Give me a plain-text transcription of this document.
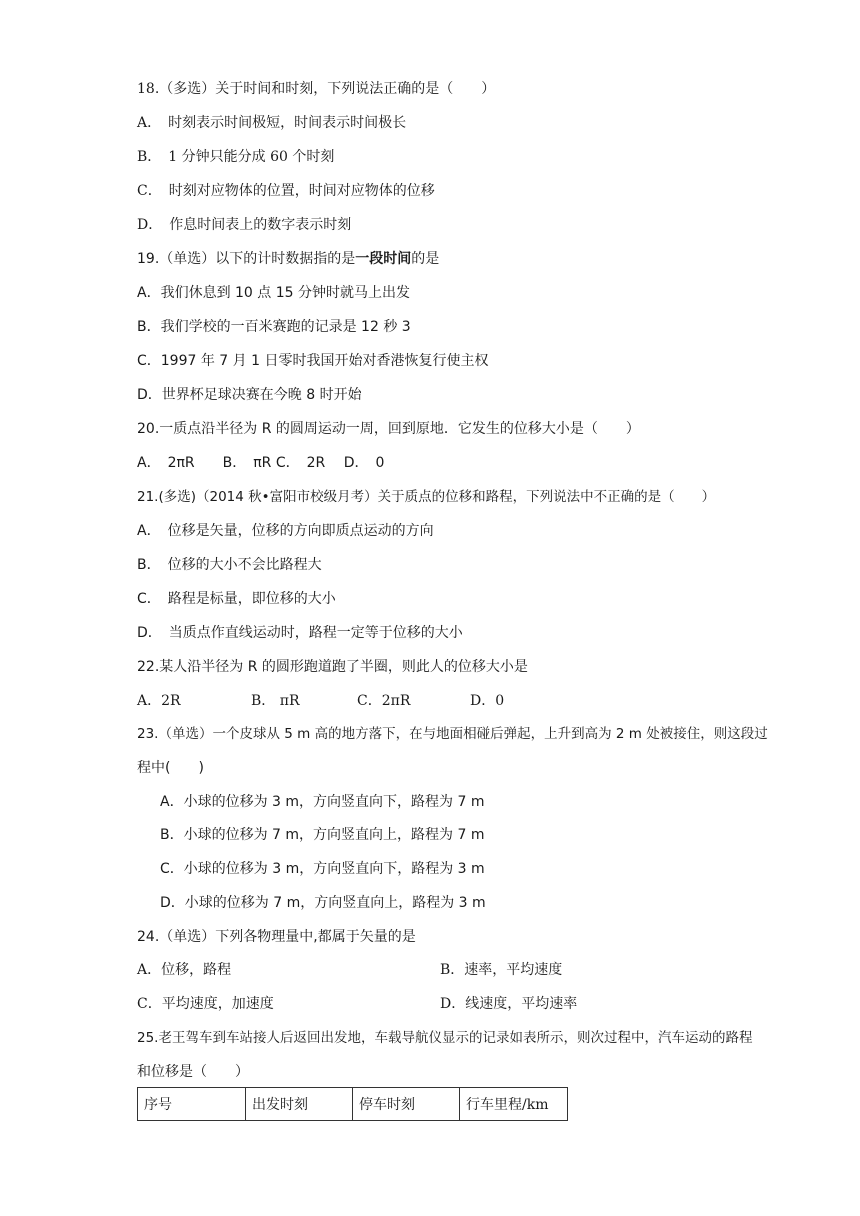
18.（多选）关于时间和时刻，下列说法正确的是（　　）
A．　时刻表示时间极短，时间表示时间极长
B．　1 分钟只能分成 60 个时刻
C．　时刻对应物体的位置，时间对应物体的位移
D．　作息时间表上的数字表示时刻
19.（单选）以下的计时数据指的是一段时间的是
A．我们休息到 10 点 15 分钟时就马上出发
B．我们学校的一百米赛跑的记录是 12 秒 3
C．1997 年 7 月 1 日零时我国开始对香港恢复行使主权
D．世界杯足球决赛在今晚 8 时开始
20.一质点沿半径为 R 的圆周运动一周，回到原地．它发生的位移大小是（　　）
A．　2πR　　B．　πR C．　2R　 D．　0
21.(多选)（2014 秋•富阳市校级月考）关于质点的位移和路程，下列说法中不正确的是（　　）
A．　位移是矢量，位移的方向即质点运动的方向
B．　位移的大小不会比路程大
C．　路程是标量，即位移的大小
D．　当质点作直线运动时，路程一定等于位移的大小
22.某人沿半径为 R 的圆形跑道跑了半圈，则此人的位移大小是
A．2R	B． πR	C．2πR	D．0
23.（单选）一个皮球从 5 m 高的地方落下，在与地面相碰后弹起，上升到高为 2 m 处被接住，则这段过
程中(　　)
A．小球的位移为 3 m，方向竖直向下，路程为 7 m
B．小球的位移为 7 m，方向竖直向上，路程为 7 m
C．小球的位移为 3 m，方向竖直向下，路程为 3 m
D．小球的位移为 7 m，方向竖直向上，路程为 3 m
24.（单选）下列各物理量中,都属于矢量的是
A．位移，路程	B．速率，平均速度
C．平均速度，加速度	D．线速度，平均速率
25.老王驾车到车站接人后返回出发地，车载导航仪显示的记录如表所示，则次过程中，汽车运动的路程
和位移是（　　）
序号	出发时刻	停车时刻	行车里程/km
